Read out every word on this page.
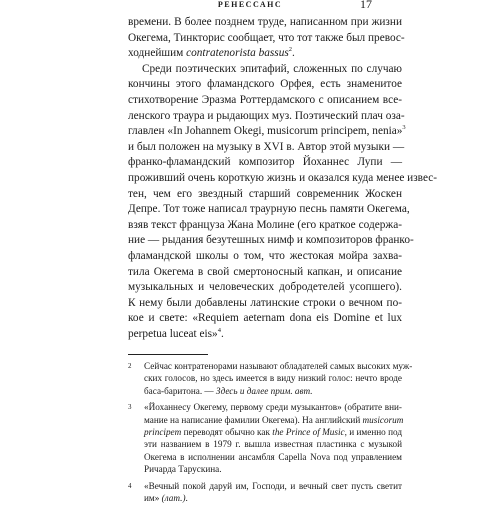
РЕНЕССАНС	17

времени. В более позднем труде, написанном при жизни
Окегема, Тинкторис сообщает, что тот также был превос-
ходнейшим contratenorista bassus$^2$.

Среди поэтических эпитафий, сложенных по случаю
кончины этого фламандского Орфея, есть знаменитое
стихотворение Эразма Роттердамского с описанием все-
ленского траура и рыдающих муз. Поэтический плач оза-
главлен «In Johannem Okegi, musicorum principem, nenia»$^3$
и был положен на музыку в XVI в. Автор этой музыки —
франко-фламандский композитор Йоханнес Лупи —
проживший очень короткую жизнь и оказался куда менее извес-
тен, чем его звездный старший современник Жоскен
Депре. Тот тоже написал траурную песнь памяти Окегема,
взяв текст француза Жана Молине (его краткое содержа-
ние — рыдания безутешных нимф и композиторов франко-
фламандской школы о том, что жестокая мойра захва-
тила Окегема в свой смертоносный капкан, и описание
музыкальных и человеческих добродетелей усопшего).
К нему были добавлены латинские строки о вечном по-
кое и свете: «Requiem aeternam dona eis Domine et lux
perpetua luceat eis»$^4$.

2 Сейчас контратенорами называют обладателей самых высоких муж-
ских голосов, но здесь имеется в виду низкий голос: нечто вроде
баса-баритона. — Здесь и далее прим. авт.
3 «Йоханнесу Окегему, первому среди музыкантов» (обратите вни-
мание на написание фамилии Окегема). На английский musicorum
principem переводят обычно как the Prince of Music, и именно под
эти названием в 1979 г. вышла известная пластинка с музыкой
Окегема в исполнении ансамбля Capella Nova под управлением
Ричарда Тарускина.
4 «Вечный покой даруй им, Господи, и вечный свет пусть светит
им» (лат.).
